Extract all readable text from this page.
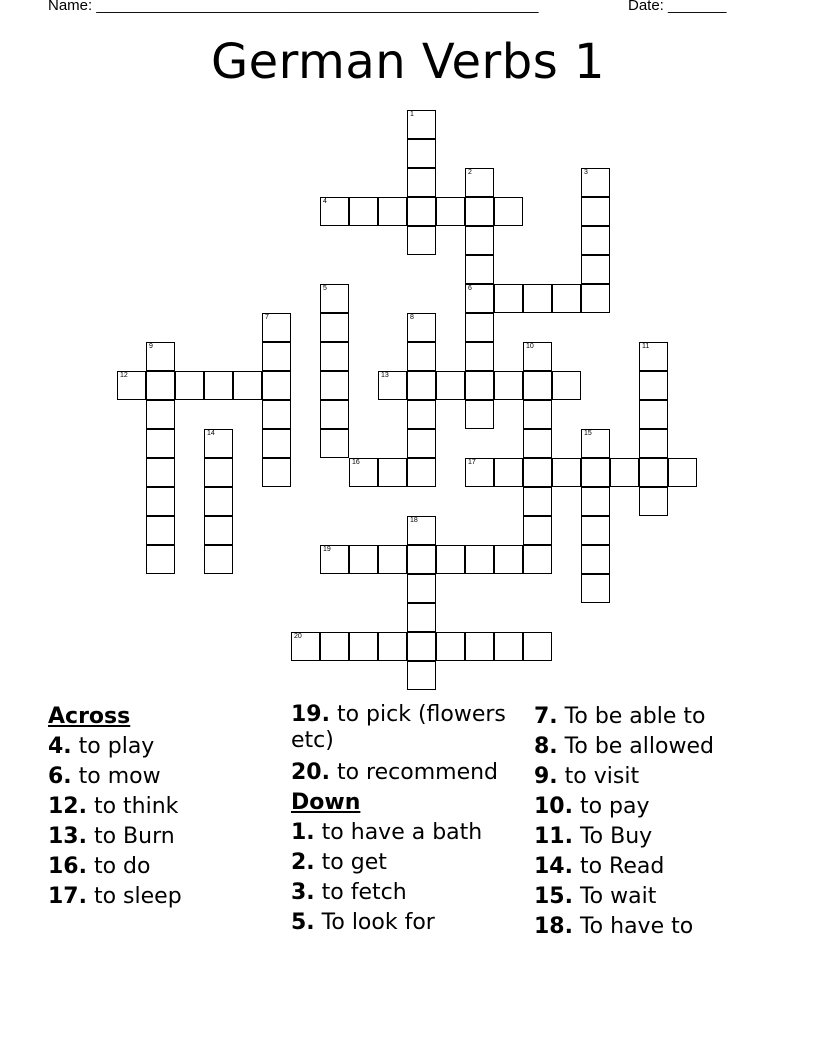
Name: _____________________________________________________	Date: _______
German Verbs 1
1
2
6
3
4
5
7	8
9	10	11
12	13
14	15
16	17
18
19
20
Across
4. to play
6. to mow
12. to think
13. to Burn
16. to do
17. to sleep
19. to pick (flowers etc)
20. to recommend
Down
1. to have a bath
2. to get
3. to fetch
5. To look for
7. To be able to
8. To be allowed
9. to visit
10. to pay
11. To Buy
14. to Read
15. To wait
18. To have to
